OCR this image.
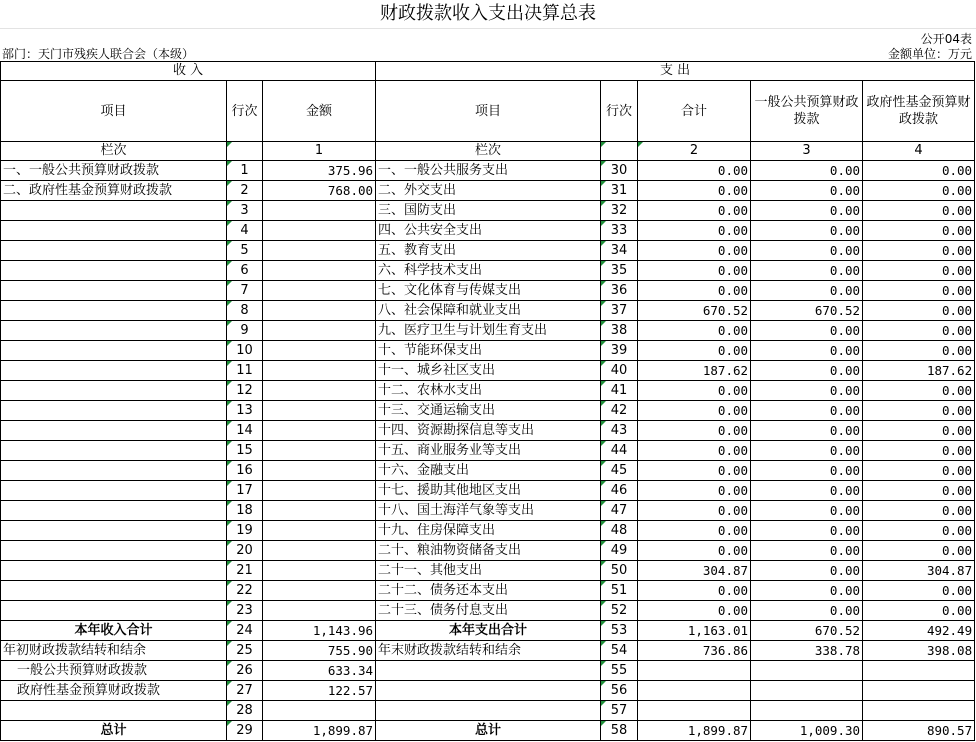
财政拨款收入支出决算总表
公开04表
部门：天门市残疾人联合会（本级）	金额单位：万元
收 入			支 出				
项目	行次	金额	项目	行次	合计	一般公共预算财政拨款	政府性基金预算财政拨款
栏次		1	栏次		2	3	4
一、一般公共预算财政拨款	1	375.96	一、一般公共服务支出	30	0.00	0.00	0.00
二、政府性基金预算财政拨款	2	768.00	二、外交支出	31	0.00	0.00	0.00
	3		三、国防支出	32	0.00	0.00	0.00
	4		四、公共安全支出	33	0.00	0.00	0.00
	5		五、教育支出	34	0.00	0.00	0.00
	6		六、科学技术支出	35	0.00	0.00	0.00
	7		七、文化体育与传媒支出	36	0.00	0.00	0.00
	8		八、社会保障和就业支出	37	670.52	670.52	0.00
	9		九、医疗卫生与计划生育支出	38	0.00	0.00	0.00
	10		十、节能环保支出	39	0.00	0.00	0.00
	11		十一、城乡社区支出	40	187.62	0.00	187.62
	12		十二、农林水支出	41	0.00	0.00	0.00
	13		十三、交通运输支出	42	0.00	0.00	0.00
	14		十四、资源勘探信息等支出	43	0.00	0.00	0.00
	15		十五、商业服务业等支出	44	0.00	0.00	0.00
	16		十六、金融支出	45	0.00	0.00	0.00
	17		十七、援助其他地区支出	46	0.00	0.00	0.00
	18		十八、国土海洋气象等支出	47	0.00	0.00	0.00
	19		十九、住房保障支出	48	0.00	0.00	0.00
	20		二十、粮油物资储备支出	49	0.00	0.00	0.00
	21		二十一、其他支出	50	304.87	0.00	304.87
	22		二十二、债务还本支出	51	0.00	0.00	0.00
	23		二十三、债务付息支出	52	0.00	0.00	0.00
本年收入合计	24	1,143.96	本年支出合计	53	1,163.01	670.52	492.49
年初财政拨款结转和结余	25	755.90	年末财政拨款结转和结余	54	736.86	338.78	398.08
一般公共预算财政拨款	26	633.34		55			
政府性基金预算财政拨款	27	122.57		56			
	28			57			
总计	29	1,899.87	总计	58	1,899.87	1,009.30	890.57
